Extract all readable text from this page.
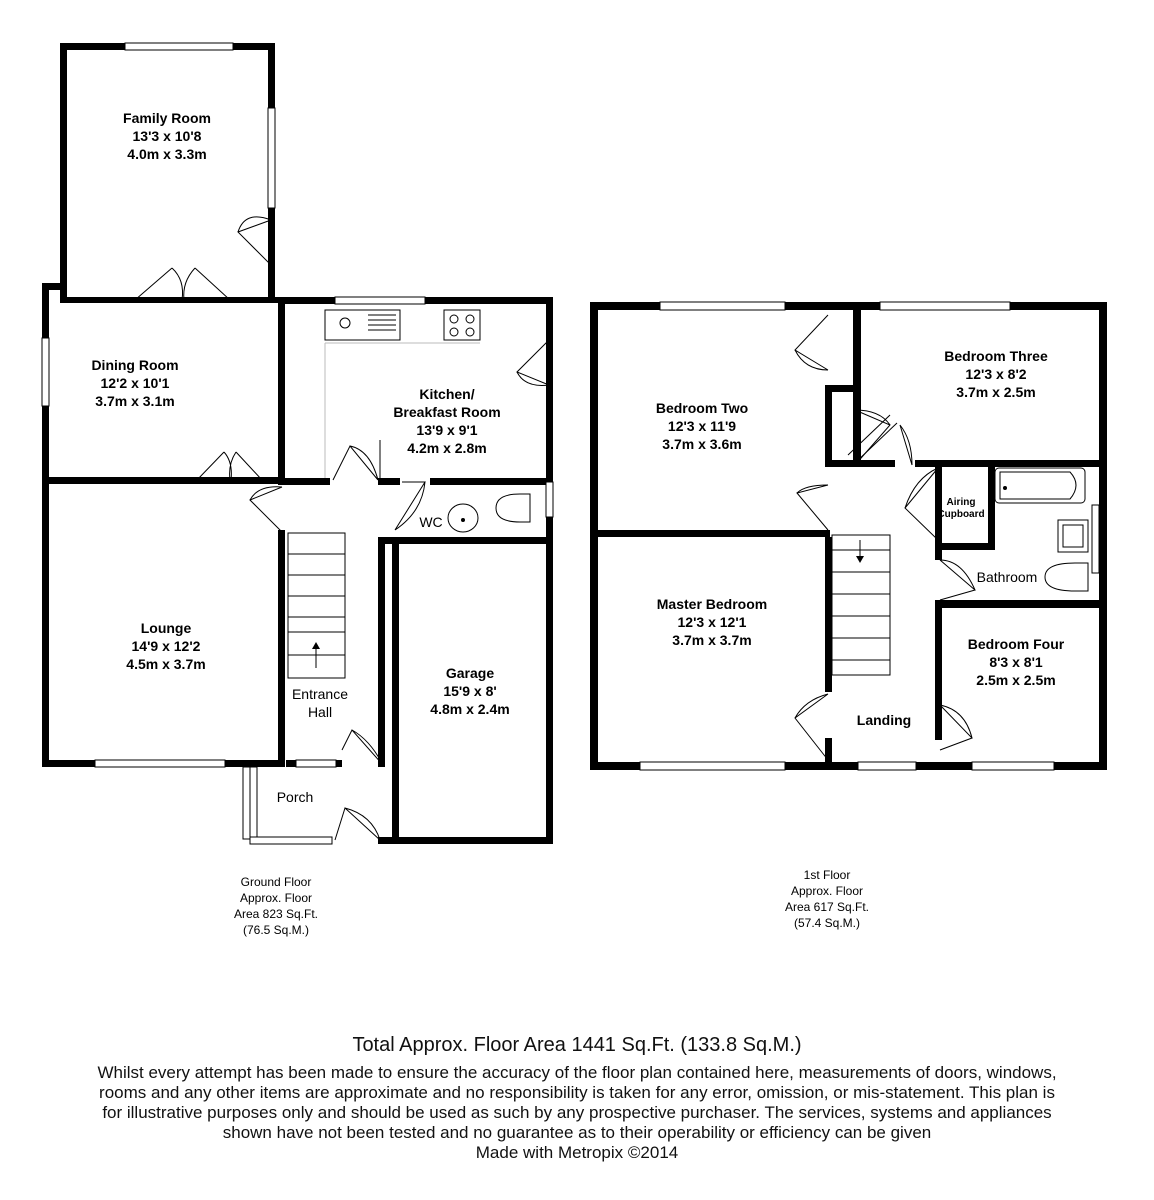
Family Room
13'3 x 10'8
4.0m x 3.3m
Dining Room
12'2 x 10'1
3.7m x 3.1m	Kitchen/
Breakfast Room
13'9 x 9'1
4.2m x 2.8m
Lounge
14'9 x 12'2
4.5m x 3.7m
Garage
15'9 x 8'
4.8m x 2.4m
Entrance
Hall
Porch
WC
Ground Floor
Approx. Floor
Area 823 Sq.Ft.
(76.5 Sq.M.)
Bedroom Two
12'3 x 11'9
3.7m x 3.6m
Bedroom Three
12'3 x 8'2
3.7m x 2.5m
Master Bedroom
12'3 x 12'1
3.7m x 3.7m	Bedroom Four
8'3 x 8'1
2.5m x 2.5m
Airing
Cupboard
Bathroom
Landing
1st Floor
Approx. Floor
Area 617 Sq.Ft.
(57.4 Sq.M.)
Total Approx. Floor Area 1441 Sq.Ft. (133.8 Sq.M.)
Whilst every attempt has been made to ensure the accuracy of the floor plan contained here, measurements of doors, windows, rooms and any other items are approximate and no responsibility is taken for any error, omission, or mis-statement. This plan is for illustrative purposes only and should be used as such by any prospective purchaser. The services, systems and appliances shown have not been tested and no guarantee as to their operability or efficiency can be given
Made with Metropix ©2014
